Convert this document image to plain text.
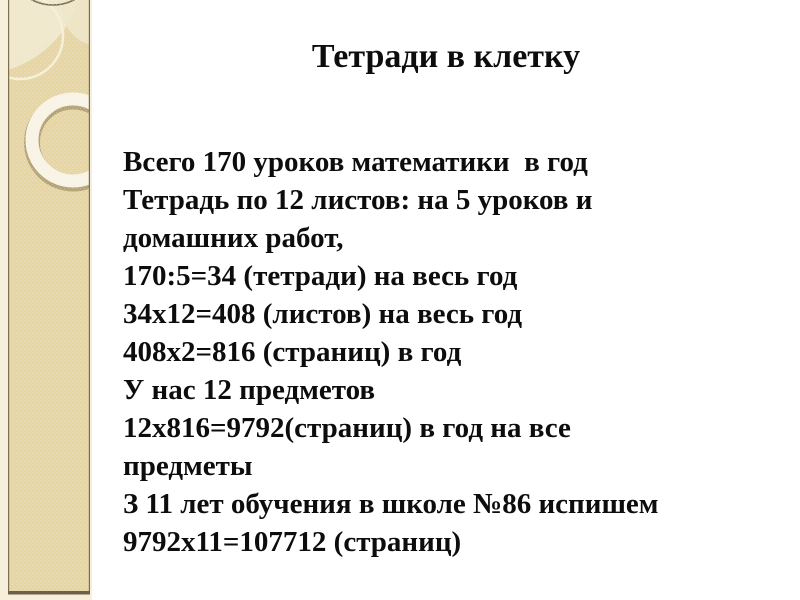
Тетради в клетку
Всего 170 уроков математики  в год
Тетрадь по 12 листов: на 5 уроков и
домашних работ,
170:5=34 (тетради) на весь год
34х12=408 (листов) на весь год
408х2=816 (страниц) в год
У нас 12 предметов
12х816=9792(страниц) в год на все
предметы
З 11 лет обучения в школе №86 испишем
9792х11=107712 (страниц)
